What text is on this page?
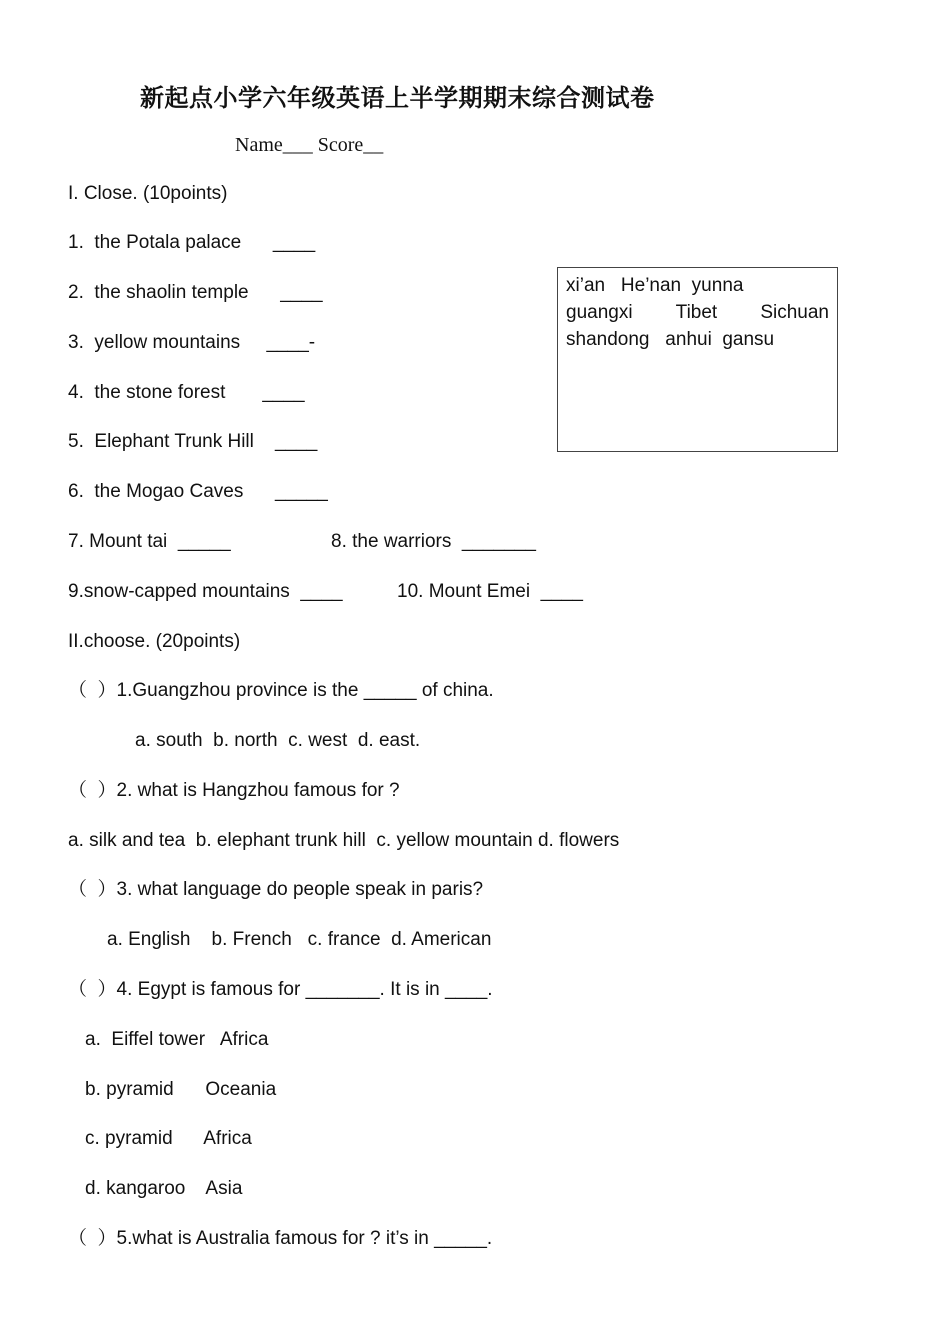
新起点小学六年级英语上半学期期末综合测试卷
Name___ Score__
I. Close. (10points)
1.  the Potala palace      ____
2.  the shaolin temple      ____
3.  yellow mountains     ____-
4.  the stone forest       ____
5.  Elephant Trunk Hill    ____
6.  the Mogao Caves      _____
7. Mount tai  _____	8. the warriors  _______
9.snow-capped mountains  ____	10. Mount Emei  ____
xi’an   He’nan  yunna
guangxi Tibet Sichuan
shandong   anhui  gansu
II.choose. (20points)
（  ）1.Guangzhou province is the _____ of china.
a. south  b. north  c. west  d. east.
（  ）2. what is Hangzhou famous for ?
a. silk and tea  b. elephant trunk hill  c. yellow mountain d. flowers
（  ）3. what language do people speak in paris?
a. English    b. French   c. france  d. American
（  ）4. Egypt is famous for _______. It is in ____.
a.  Eiffel tower   Africa
b. pyramid      Oceania
c. pyramid      Africa
d. kangaroo    Asia
（  ）5.what is Australia famous for ? it’s in _____.
